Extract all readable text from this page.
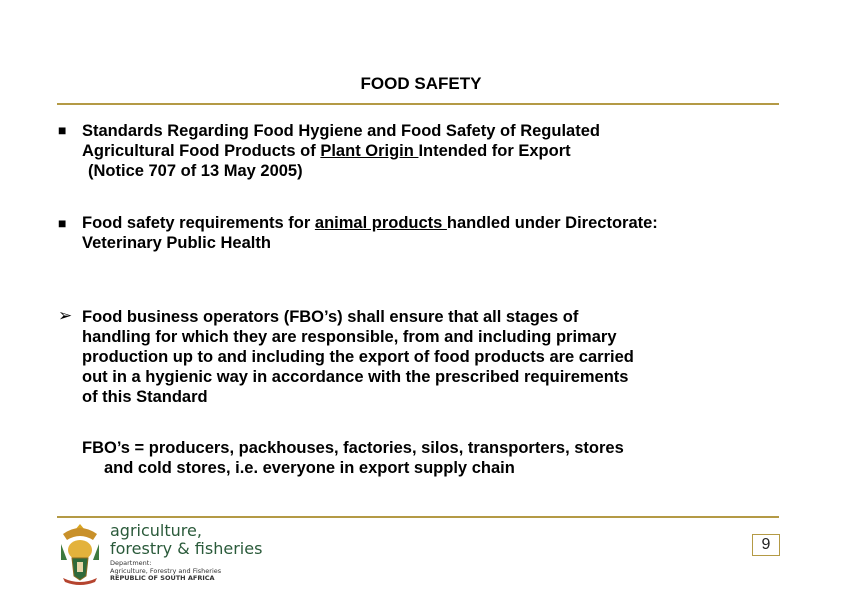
FOOD SAFETY
■ Standards Regarding Food Hygiene and Food Safety of Regulated
Agricultural Food Products of Plant Origin Intended for Export
(Notice 707 of 13 May 2005)
■ Food safety requirements for animal products handled under Directorate:
Veterinary Public Health
➢ Food business operators (FBO’s) shall ensure that all stages of
handling for which they are responsible, from and including primary
production up to and including the export of food products are carried
out in a hygienic way in accordance with the prescribed requirements
of this Standard
FBO’s = producers, packhouses, factories, silos, transporters, stores
and cold stores, i.e. everyone in export supply chain
agriculture,
forestry & fisheries
Department:
Agriculture, Forestry and Fisheries
REPUBLIC OF SOUTH AFRICA
9
